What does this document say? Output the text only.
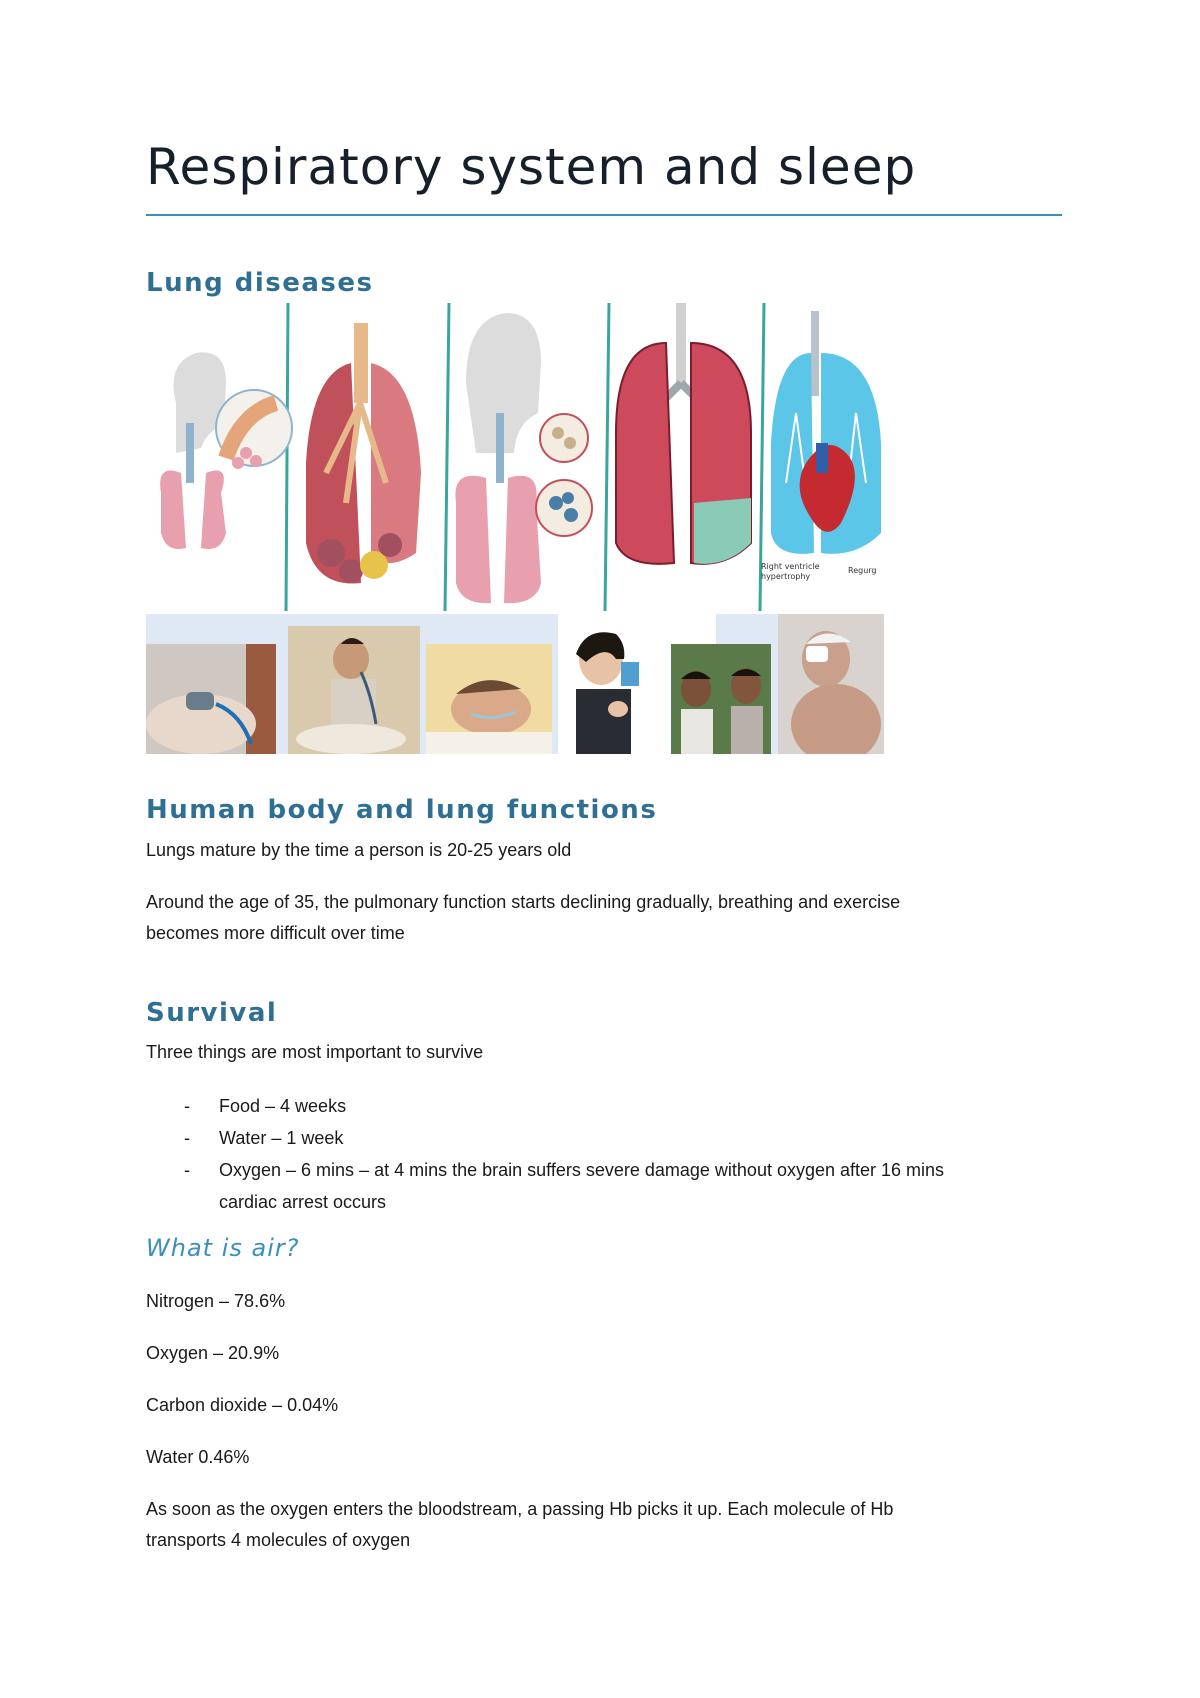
Respiratory system and sleep
Lung diseases
Right ventricle
hypertrophy
Regurg
Human body and lung functions

Lungs mature by the time a person is 20-25 years old

Around the age of 35, the pulmonary function starts declining gradually, breathing and exercise

becomes more difficult over time

Survival

Three things are most important to survive

- Food – 4 weeks
- Water – 1 week
- Oxygen – 6 mins – at 4 mins the brain suffers severe damage without oxygen after 16 mins
cardiac arrest occurs
What is air?

Nitrogen – 78.6%

Oxygen – 20.9%

Carbon dioxide – 0.04%

Water 0.46%

As soon as the oxygen enters the bloodstream, a passing Hb picks it up. Each molecule of Hb

transports 4 molecules of oxygen
